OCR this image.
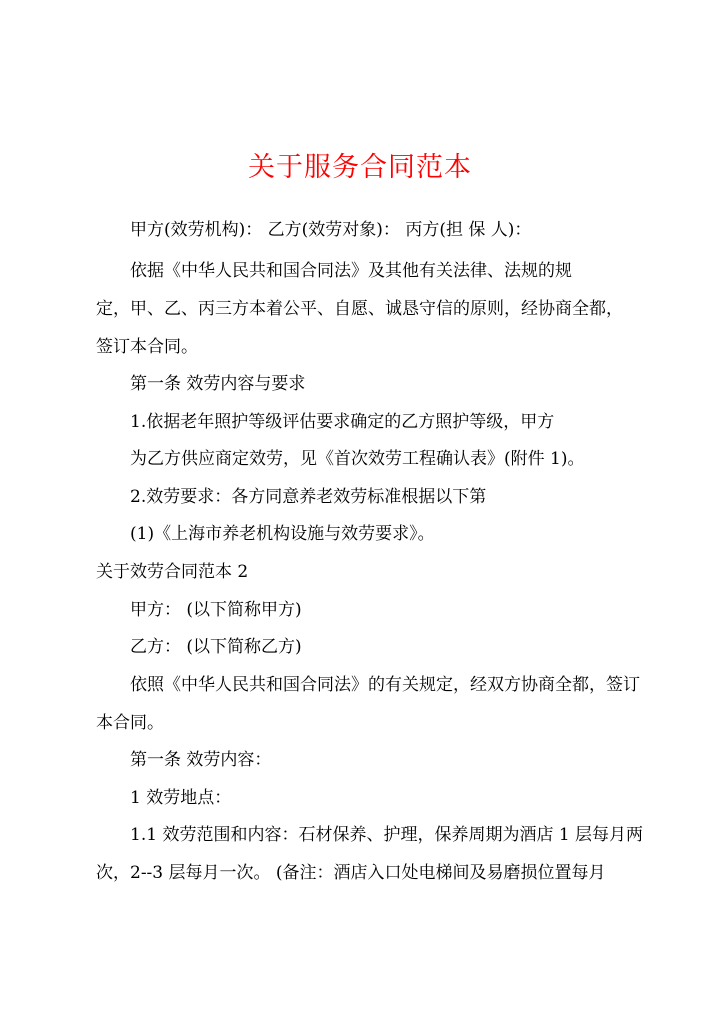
关于服务合同范本
甲方(效劳机构)： 乙方(效劳对象)： 丙方(担 保 人)：
依据《中华人民共和国合同法》及其他有关法律、法规的规
定，甲、乙、丙三方本着公平、自愿、诚恳守信的原则，经协商全都，
签订本合同。
第一条 效劳内容与要求
1.依据老年照护等级评估要求确定的乙方照护等级，甲方
为乙方供应商定效劳，见《首次效劳工程确认表》(附件 1)。
2.效劳要求：各方同意养老效劳标准根据以下第
(1)《上海市养老机构设施与效劳要求》。
关于效劳合同范本 2
甲方： (以下简称甲方)
乙方： (以下简称乙方)
依照《中华人民共和国合同法》的有关规定，经双方协商全都，签订
本合同。
第一条 效劳内容：
1 效劳地点：
1.1 效劳范围和内容：石材保养、护理，保养周期为酒店 1 层每月两
次，2--3 层每月一次。 (备注：酒店入口处电梯间及易磨损位置每月
